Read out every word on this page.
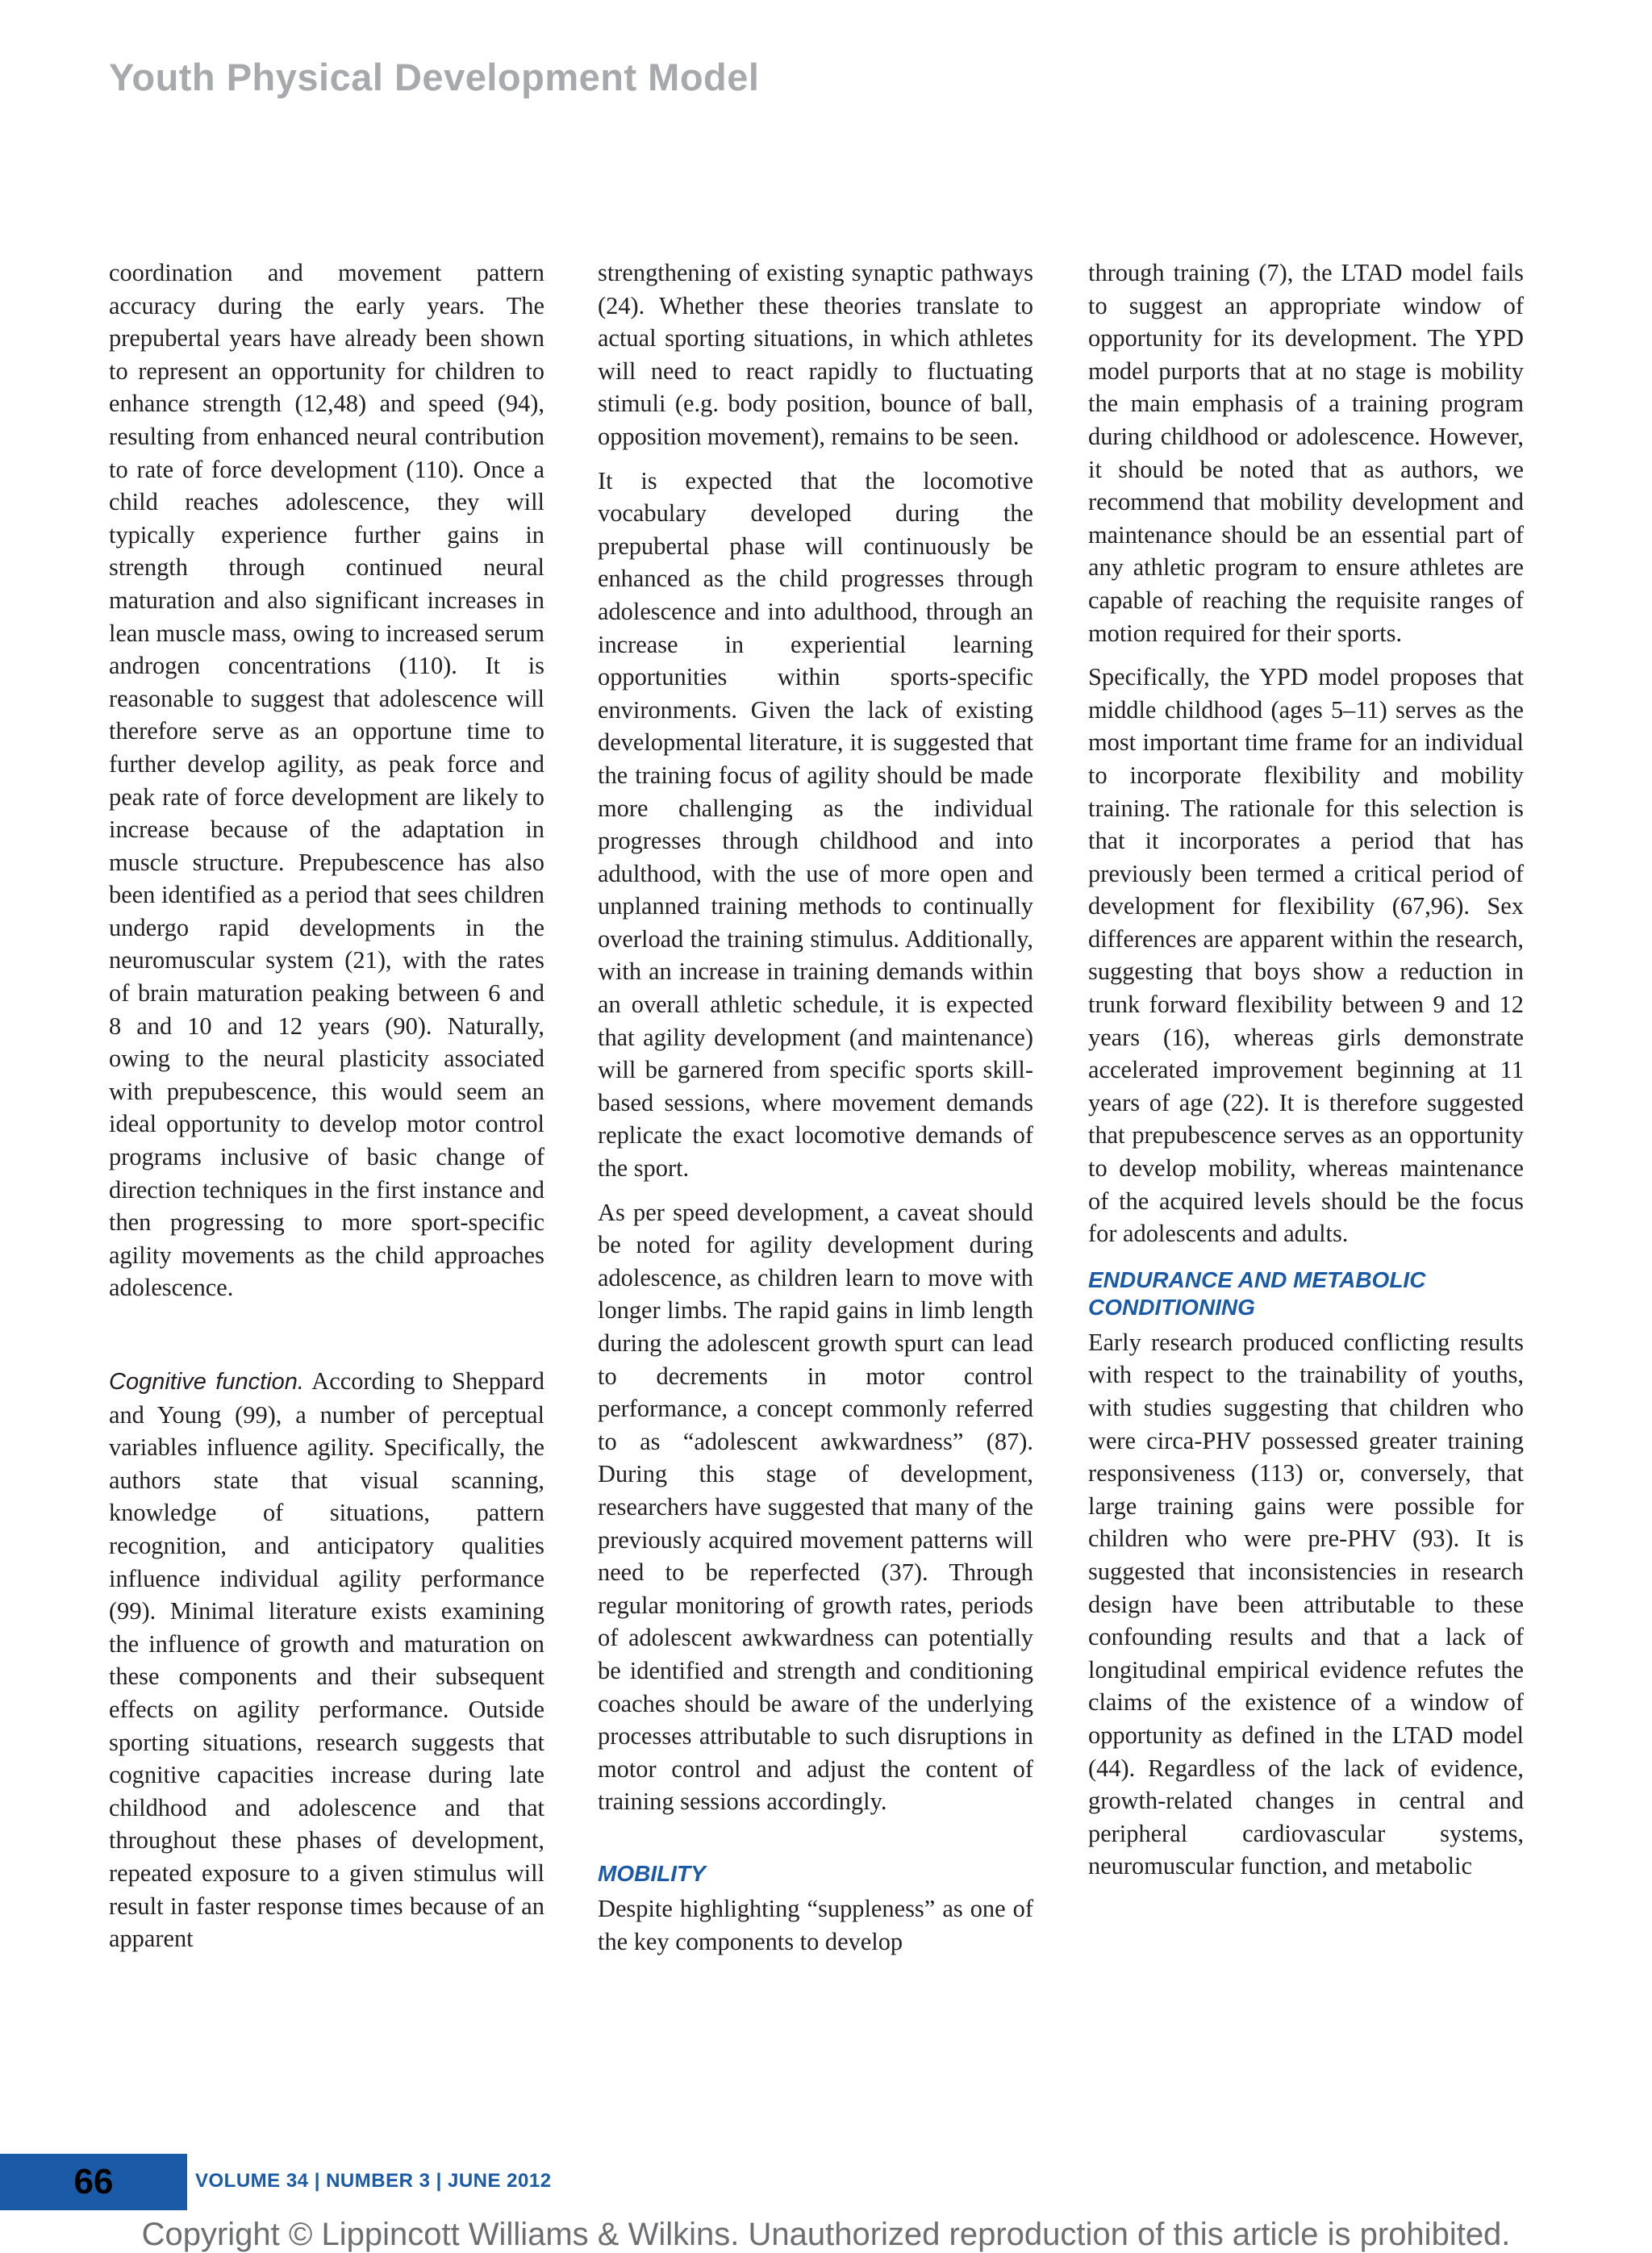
Youth Physical Development Model

coordination and movement pattern accuracy during the early years. The prepubertal years have already been shown to represent an opportunity for children to enhance strength (12,48) and speed (94), resulting from enhanced neural contribution to rate of force development (110). Once a child reaches adolescence, they will typically experience further gains in strength through continued neural maturation and also significant increases in lean muscle mass, owing to increased serum androgen concentrations (110). It is reasonable to suggest that adolescence will therefore serve as an opportune time to further develop agility, as peak force and peak rate of force development are likely to increase because of the adaptation in muscle structure. Prepubescence has also been identified as a period that sees children undergo rapid developments in the neuromuscular system (21), with the rates of brain maturation peaking between 6 and 8 and 10 and 12 years (90). Naturally, owing to the neural plasticity associated with prepubescence, this would seem an ideal opportunity to develop motor control programs inclusive of basic change of direction techniques in the first instance and then progressing to more sport-specific agility movements as the child approaches adolescence.

Cognitive function. According to Sheppard and Young (99), a number of perceptual variables influence agility. Specifically, the authors state that visual scanning, knowledge of situations, pattern recognition, and anticipatory qualities influence individual agility performance (99). Minimal literature exists examining the influence of growth and maturation on these components and their subsequent effects on agility performance. Outside sporting situations, research suggests that cognitive capacities increase during late childhood and adolescence and that throughout these phases of development, repeated exposure to a given stimulus will result in faster response times because of an apparent

strengthening of existing synaptic pathways (24). Whether these theories translate to actual sporting situations, in which athletes will need to react rapidly to fluctuating stimuli (e.g. body position, bounce of ball, opposition movement), remains to be seen.

It is expected that the locomotive vocabulary developed during the prepubertal phase will continuously be enhanced as the child progresses through adolescence and into adulthood, through an increase in experiential learning opportunities within sports-specific environments. Given the lack of existing developmental literature, it is suggested that the training focus of agility should be made more challenging as the individual progresses through childhood and into adulthood, with the use of more open and unplanned training methods to continually overload the training stimulus. Additionally, with an increase in training demands within an overall athletic schedule, it is expected that agility development (and maintenance) will be garnered from specific sports skill-based sessions, where movement demands replicate the exact locomotive demands of the sport.

As per speed development, a caveat should be noted for agility development during adolescence, as children learn to move with longer limbs. The rapid gains in limb length during the adolescent growth spurt can lead to decrements in motor control performance, a concept commonly referred to as “adolescent awkwardness” (87). During this stage of development, researchers have suggested that many of the previously acquired movement patterns will need to be reperfected (37). Through regular monitoring of growth rates, periods of adolescent awkwardness can potentially be identified and strength and conditioning coaches should be aware of the underlying processes attributable to such disruptions in motor control and adjust the content of training sessions accordingly.

MOBILITY

Despite highlighting “suppleness” as one of the key components to develop

through training (7), the LTAD model fails to suggest an appropriate window of opportunity for its development. The YPD model purports that at no stage is mobility the main emphasis of a training program during childhood or adolescence. However, it should be noted that as authors, we recommend that mobility development and maintenance should be an essential part of any athletic program to ensure athletes are capable of reaching the requisite ranges of motion required for their sports.

Specifically, the YPD model proposes that middle childhood (ages 5–11) serves as the most important time frame for an individual to incorporate flexibility and mobility training. The rationale for this selection is that it incorporates a period that has previously been termed a critical period of development for flexibility (67,96). Sex differences are apparent within the research, suggesting that boys show a reduction in trunk forward flexibility between 9 and 12 years (16), whereas girls demonstrate accelerated improvement beginning at 11 years of age (22). It is therefore suggested that prepubescence serves as an opportunity to develop mobility, whereas maintenance of the acquired levels should be the focus for adolescents and adults.

ENDURANCE AND METABOLIC CONDITIONING

Early research produced conflicting results with respect to the trainability of youths, with studies suggesting that children who were circa-PHV possessed greater training responsiveness (113) or, conversely, that large training gains were possible for children who were pre-PHV (93). It is suggested that inconsistencies in research design have been attributable to these confounding results and that a lack of longitudinal empirical evidence refutes the claims of the existence of a window of opportunity as defined in the LTAD model (44). Regardless of the lack of evidence, growth-related changes in central and peripheral cardiovascular systems, neuromuscular function, and metabolic

66	VOLUME 34 | NUMBER 3 | JUNE 2012
Copyright © Lippincott Williams & Wilkins. Unauthorized reproduction of this article is prohibited.
